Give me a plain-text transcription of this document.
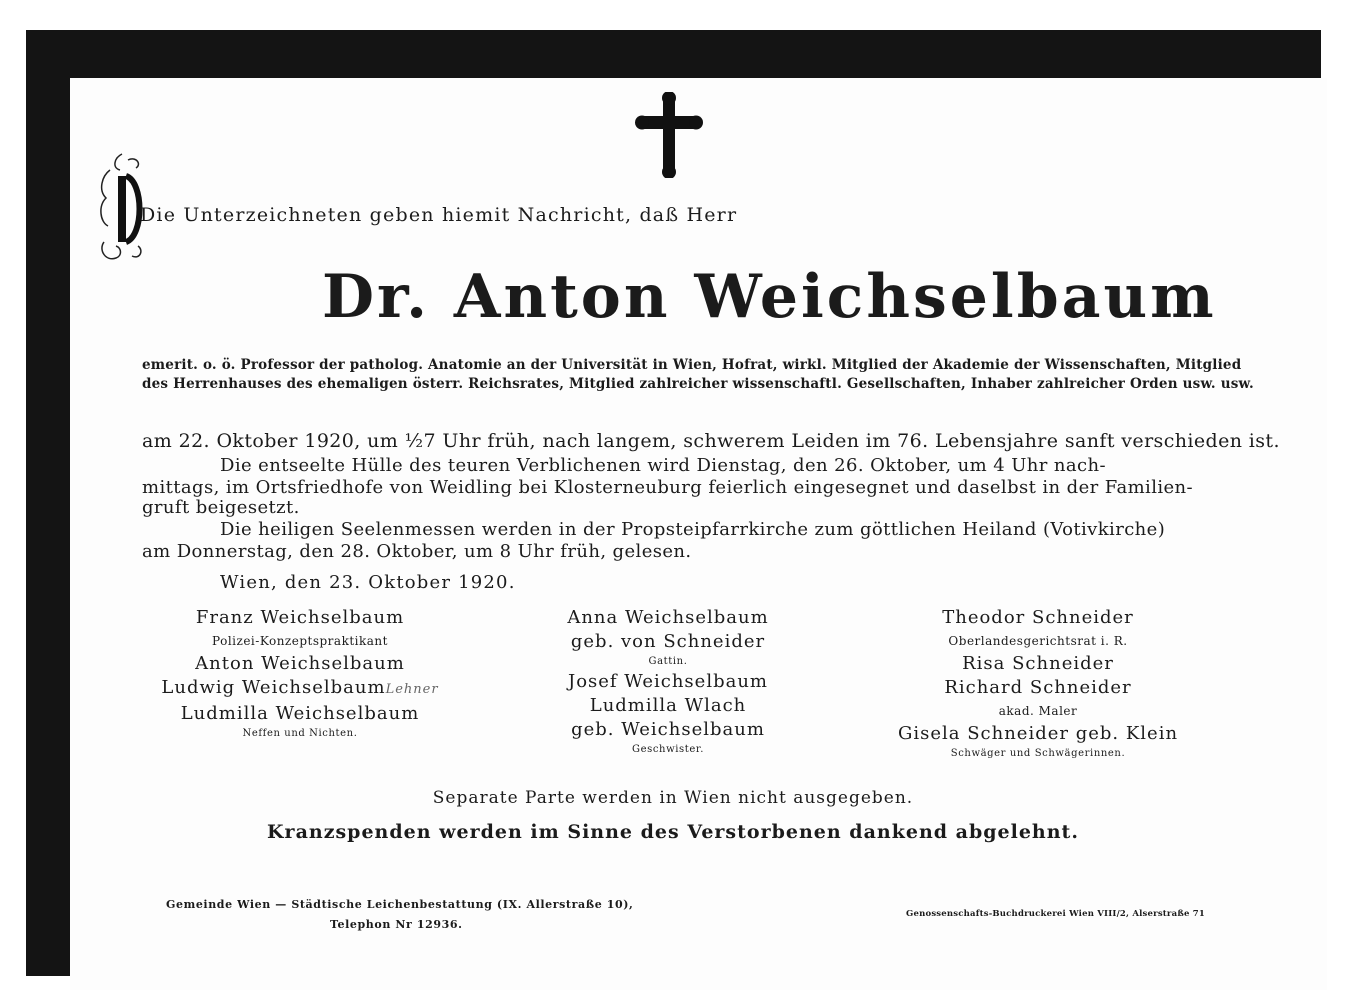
Die Unterzeichneten geben hiemit Nachricht, daß Herr
Dr. Anton Weichselbaum
emerit. o. ö. Professor der patholog. Anatomie an der Universität in Wien, Hofrat, wirkl. Mitglied der Akademie der Wissenschaften, Mitglied
des Herrenhauses des ehemaligen österr. Reichsrates, Mitglied zahlreicher wissenschaftl. Gesellschaften, Inhaber zahlreicher Orden usw. usw.
am 22. Oktober 1920, um ½7 Uhr früh, nach langem, schwerem Leiden im 76. Lebensjahre sanft verschieden ist.
Die entseelte Hülle des teuren Verblichenen wird Dienstag, den 26. Oktober, um 4 Uhr nach-
mittags, im Ortsfriedhofe von Weidling bei Klosterneuburg feierlich eingesegnet und daselbst in der Familien-
gruft beigesetzt.
Die heiligen Seelenmessen werden in der Propsteipfarrkirche zum göttlichen Heiland (Votivkirche)
am Donnerstag, den 28. Oktober, um 8 Uhr früh, gelesen.
Wien, den 23. Oktober 1920.
Franz Weichselbaum
Polizei-Konzeptspraktikant
Anton Weichselbaum
Ludwig WeichselbaumLehner
Ludmilla Weichselbaum
Neffen und Nichten.
Anna Weichselbaum
geb. von Schneider
Gattin.
Josef Weichselbaum
Ludmilla Wlach
geb. Weichselbaum
Geschwister.
Theodor Schneider
Oberlandesgerichtsrat i. R.
Risa Schneider
Richard Schneider
akad. Maler
Gisela Schneider geb. Klein
Schwäger und Schwägerinnen.
Separate Parte werden in Wien nicht ausgegeben.
Kranzspenden werden im Sinne des Verstorbenen dankend abgelehnt.
Gemeinde Wien — Städtische Leichenbestattung (IX. Allerstraße 10),
Telephon Nr 12936.
Genossenschafts-Buchdruckerei Wien VIII/2, Alserstraße 71
